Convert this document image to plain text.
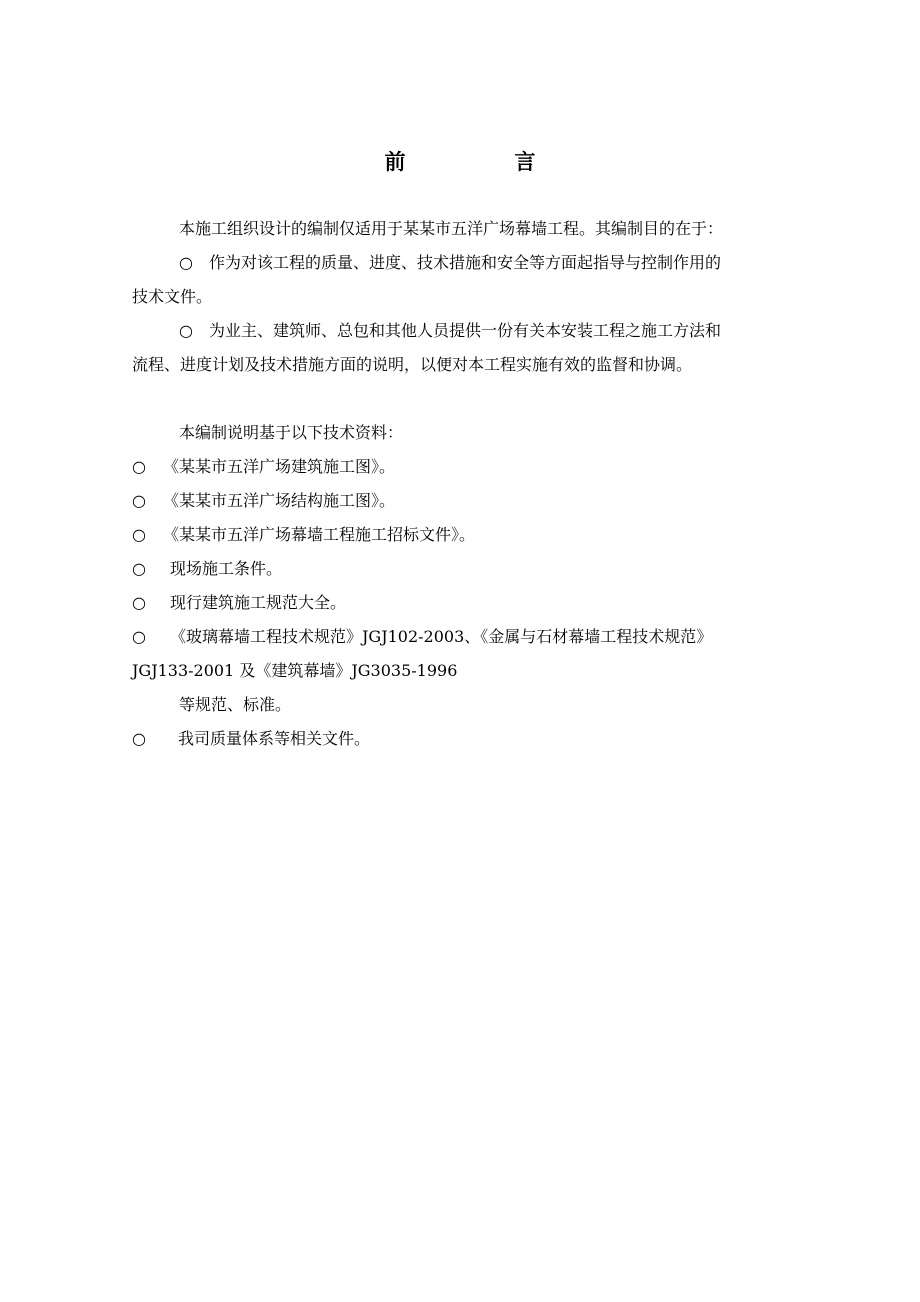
前　言

本施工组织设计的编制仅适用于某某市五洋广场幕墙工程。其编制目的在于：

○ 作为对该工程的质量、进度、技术措施和安全等方面起指导与控制作用的

技术文件。

○ 为业主、建筑师、总包和其他人员提供一份有关本安装工程之施工方法和

流程、进度计划及技术措施方面的说明，以便对本工程实施有效的监督和协调。

本编制说明基于以下技术资料：

○ 《某某市五洋广场建筑施工图》。

○ 《某某市五洋广场结构施工图》。

○ 《某某市五洋广场幕墙工程施工招标文件》。

○ 现场施工条件。

○ 现行建筑施工规范大全。

○ 《玻璃幕墙工程技术规范》JGJ102-2003、《金属与石材幕墙工程技术规范》

JGJ133-2001 及《建筑幕墙》JG3035-1996

等规范、标准。

○ 我司质量体系等相关文件。
